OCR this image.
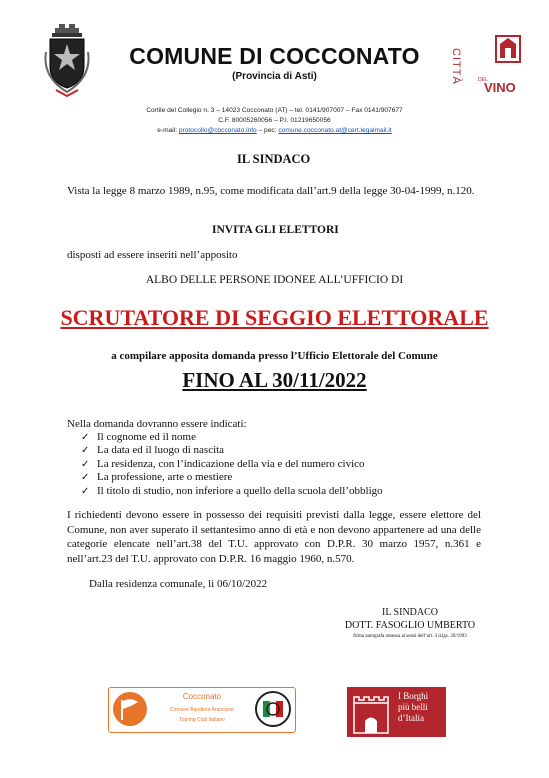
CITTÀ	DEL
VINO
COMUNE DI COCCONATO
(Provincia di Asti)
Cortile del Collegio n. 3 – 14023 Cocconato (AT) – tel. 0141/907007 – Fax 0141/907677
C.F. 80005260056 – P.I. 01219650056
e-mail: protocollo@cocconato.info – pec: comune.cocconato.at@cert.legalmail.it
IL SINDACO
Vista la legge 8 marzo 1989, n.95, come modificata dall’art.9 della legge 30-04-1999, n.120.
INVITA GLI ELETTORI
disposti ad essere inseriti nell’apposito
ALBO DELLE PERSONE IDONEE ALL’UFFICIO DI
SCRUTATORE DI SEGGIO ELETTORALE
a compilare apposita domanda presso l’Ufficio Elettorale del Comune
FINO AL 30/11/2022
Nella domanda dovranno essere indicati:
✓ Il cognome ed il nome
✓ La data ed il luogo di nascita
✓ La residenza, con l’indicazione della via e del numero civico
✓ La professione, arte o mestiere
✓ Il titolo di studio, non inferiore a quello della scuola dell’obbligo
I richiedenti devono essere in possesso dei requisiti previsti dalla legge, essere elettore del Comune, non aver superato il settantesimo anno di età e non devono appartenere ad una delle categorie elencate nell’art.38 del T.U. approvato con D.P.R. 30 marzo 1957, n.361 e nell’art.23 del T.U. approvato con D.P.R. 16 maggio 1960, n.570.
Dalla residenza comunale, li 06/10/2022
IL SINDACO
DOTT. FASOGLIO UMBERTO
firma autografa omessa ai sensi dell’art. 3 d.lgs. 39/1993
Cocconato
Comune Bandiera Arancione
Touring Club Italiano
I Borghi
più belli
d’Italia
